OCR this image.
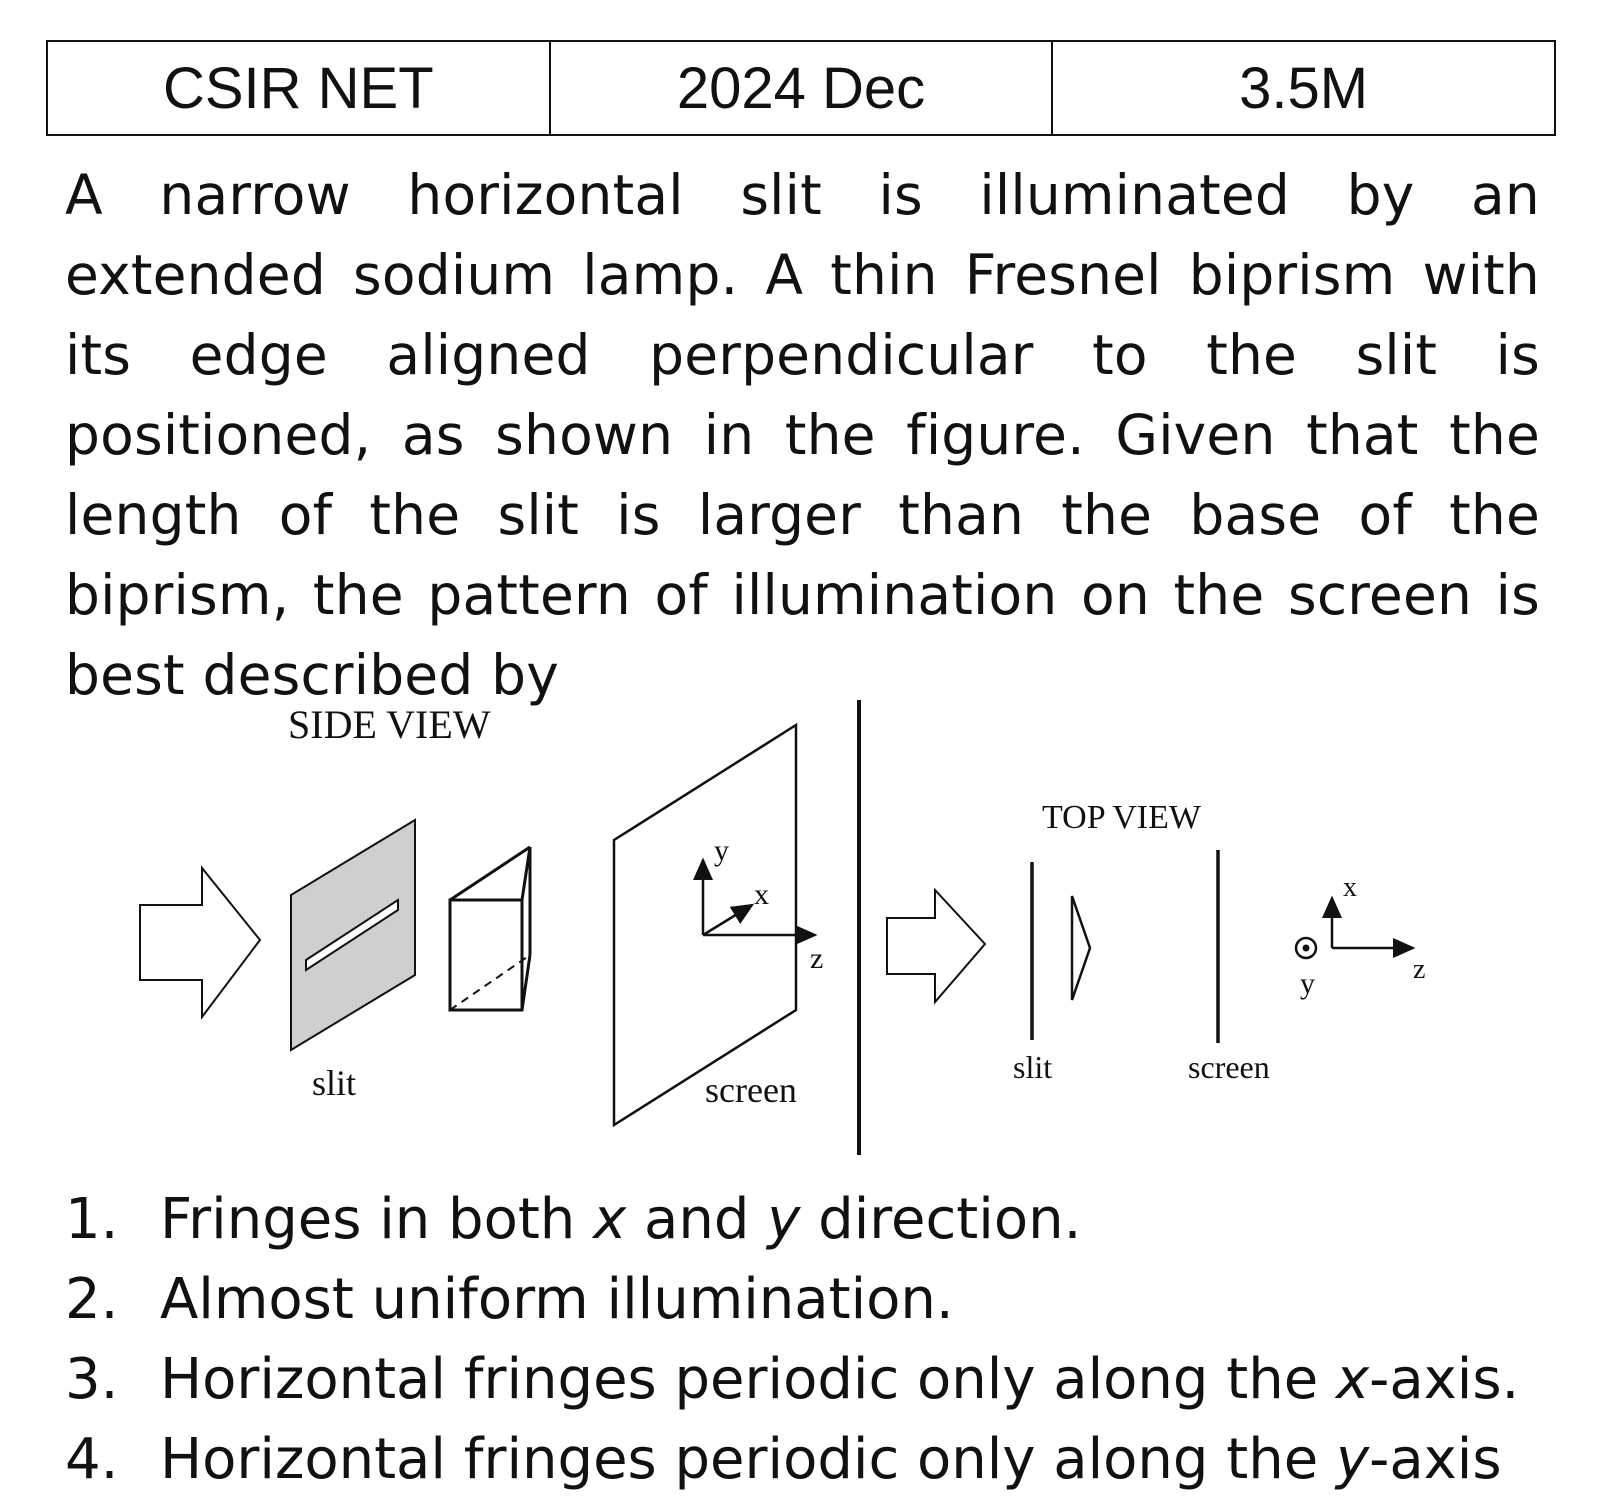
CSIR NET	2024 Dec	3.5M

A narrow horizontal slit is illuminated by an extended sodium lamp. A thin Fresnel biprism with its edge aligned perpendicular to the slit is positioned, as shown in the figure. Given that the length of the slit is larger than the base of the biprism, the pattern of illumination on the screen is best described by

SIDE VIEW
slit	screen
y
x
z
TOP VIEW
slit	screen
y
x
z
1. Fringes in both x and y direction.
2. Almost uniform illumination.
3. Horizontal fringes periodic only along the x-axis.
4. Horizontal fringes periodic only along the y-axis
